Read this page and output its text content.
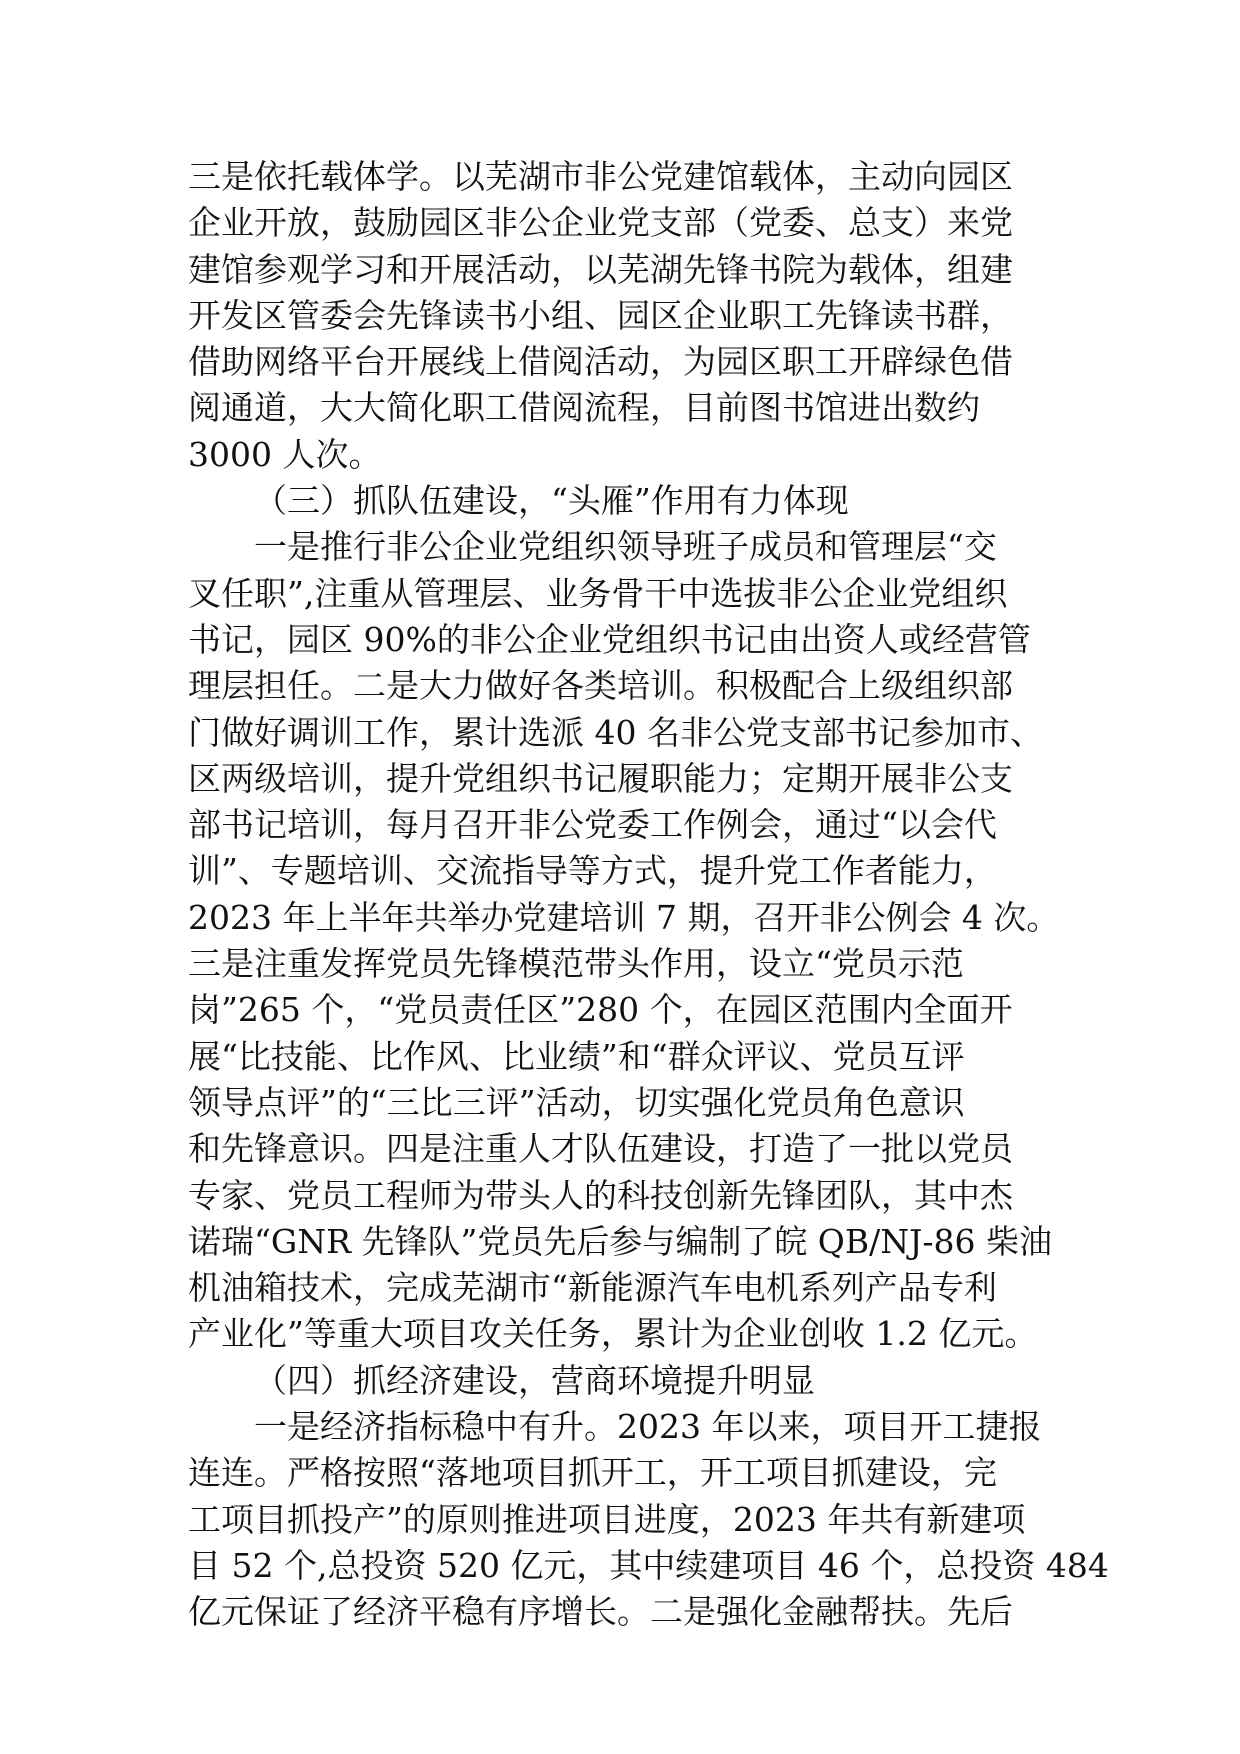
三是依托载体学。以芜湖市非公党建馆载体，主动向园区
企业开放，鼓励园区非公企业党支部（党委、总支）来党
建馆参观学习和开展活动，以芜湖先锋书院为载体，组建
开发区管委会先锋读书小组、园区企业职工先锋读书群，
借助网络平台开展线上借阅活动，为园区职工开辟绿色借
阅通道，大大简化职工借阅流程，目前图书馆进出数约
3000 人次。
（三）抓队伍建设，“头雁”作用有力体现
一是推行非公企业党组织领导班子成员和管理层“交
叉任职”,注重从管理层、业务骨干中选拔非公企业党组织
书记，园区 90%的非公企业党组织书记由出资人或经营管
理层担任。二是大力做好各类培训。积极配合上级组织部
门做好调训工作，累计选派 40 名非公党支部书记参加市、
区两级培训，提升党组织书记履职能力；定期开展非公支
部书记培训，每月召开非公党委工作例会，通过“以会代
训”、专题培训、交流指导等方式，提升党工作者能力，
2023 年上半年共举办党建培训 7 期，召开非公例会 4 次。
三是注重发挥党员先锋模范带头作用，设立“党员示范
岗”265 个，“党员责任区”280 个，在园区范围内全面开
展“比技能、比作风、比业绩”和“群众评议、党员互评
领导点评”的“三比三评”活动，切实强化党员角色意识
和先锋意识。四是注重人才队伍建设，打造了一批以党员
专家、党员工程师为带头人的科技创新先锋团队，其中杰
诺瑞“GNR 先锋队”党员先后参与编制了皖 QB/NJ-86 柴油
机油箱技术，完成芜湖市“新能源汽车电机系列产品专利
产业化”等重大项目攻关任务，累计为企业创收 1.2 亿元。
（四）抓经济建设，营商环境提升明显
一是经济指标稳中有升。2023 年以来，项目开工捷报
连连。严格按照“落地项目抓开工，开工项目抓建设，完
工项目抓投产”的原则推进项目进度，2023 年共有新建项
目 52 个,总投资 520 亿元，其中续建项目 46 个，总投资 484
亿元保证了经济平稳有序增长。二是强化金融帮扶。先后
